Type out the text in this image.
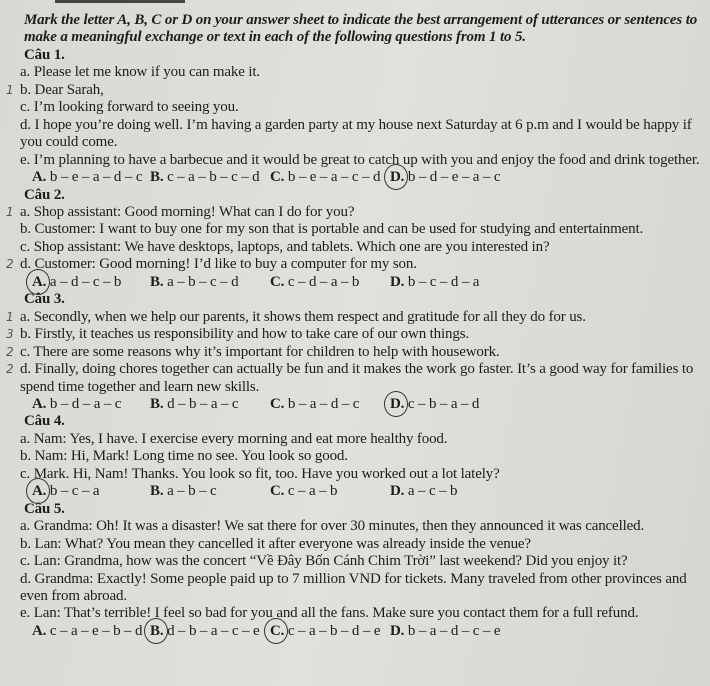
Mark the letter A, B, C or D on your answer sheet to indicate the best arrangement of utterances or sentences to make a meaningful exchange or text in each of the following questions from 1 to 5.
Câu 1.
a. Please let me know if you can make it.
1 b. Dear Sarah,
c. I’m looking forward to seeing you.
d. I hope you’re doing well. I’m having a garden party at my house next Saturday at 6 p.m and I would be happy if you could come.
e. I’m planning to have a barbecue and it would be great to catch up with you and enjoy the food and drink together.
A. b – e – a – d – c B. c – a – b – c – d C. b – e – a – c – d D. b – d – e – a – c
Câu 2.
1 a. Shop assistant: Good morning! What can I do for you?
b. Customer: I want to buy one for my son that is portable and can be used for studying and entertainment.
c. Shop assistant: We have desktops, laptops, and tablets. Which one are you interested in?
2 d. Customer: Good morning! I’d like to buy a computer for my son.
A. a – d – c – b	B. a – b – c – d	C. c – d – a – b	D. b – c – d – a
Câu 3.
1 a. Secondly, when we help our parents, it shows them respect and gratitude for all they do for us.
3 b. Firstly, it teaches us responsibility and how to take care of our own things.
2 c. There are some reasons why it’s important for children to help with housework.
2 d. Finally, doing chores together can actually be fun and it makes the work go faster. It’s a good way for families to spend time together and learn new skills.
A. b – d – a – c	B. d – b – a – c	C. b – a – d – c	D. c – b – a – d
Câu 4.
a. Nam: Yes, I have. I exercise every morning and eat more healthy food.
b. Nam: Hi, Mark! Long time no see. You look so good.
c. Mark. Hi, Nam! Thanks. You look so fit, too. Have you worked out a lot lately?
A. b – c – a	B. a – b – c	C. c – a – b	D. a – c – b
Câu 5.
a. Grandma: Oh! It was a disaster! We sat there for over 30 minutes, then they announced it was cancelled.
b. Lan: What? You mean they cancelled it after everyone was already inside the venue?
c. Lan: Grandma, how was the concert “Về Đây Bốn Cánh Chim Trời” last weekend? Did you enjoy it?
d. Grandma: Exactly! Some people paid up to 7 million VND for tickets. Many traveled from other provinces and even from abroad.
e. Lan: That’s terrible! I feel so bad for you and all the fans. Make sure you contact them for a full refund.
A. c – a – e – b – d B. d – b – a – c – e C. c – a – b – d – e D. b – a – d – c – e
